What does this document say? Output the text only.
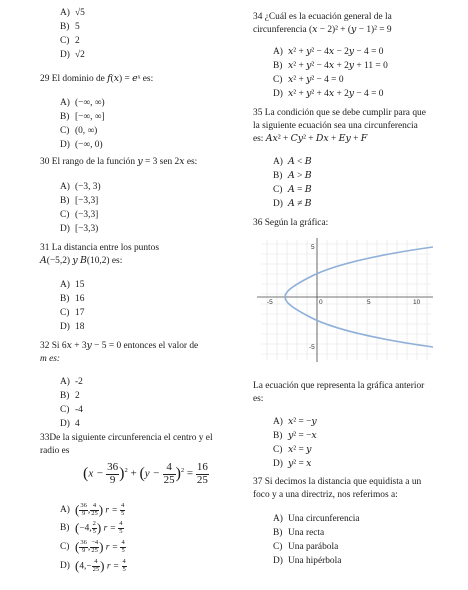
A) √5
B) 5
C) 2
D) √2
29 El dominio de 𝑓(𝑥) = 𝑒ˣ es:
A) (−∞, ∞)
B) [−∞, ∞]
C) (0, ∞)
D) (−∞, 0)
30 El rango de la función 𝑦 = 3 sen 2𝑥 es:
A) (−3, 3)
B) [−3,3]
C) (−3,3]
D) [−3,3)
31 La distancia entre los puntos
𝐴(−5,2) 𝑦 𝐵(10,2) es:
A) 15
B) 16
C) 17
D) 18
32 Si 6𝑥 + 3𝑦 − 5 = 0 entonces el valor de
m es:
A) -2
B) 2
C) -4
D) 4
33De la siguiente circunferencia el centro y el
radio es
$(x - \frac{36}{9} )^2 + (y - \frac{4}{25} )^2 = \frac{16}{25}$
A) ( $\frac{36}{9}$ , $\frac{4}{25}$ ) $r = \frac{4}{5}$
B) (−4, $\frac{2}{5}$ ) $r = \frac{4}{5}$
C) ( $\frac{36}{9}$ , $\frac{-4}{25}$ ) $r = \frac{4}{5}$
D) ($4,- \frac{4}{25}$ ) $r = \frac{4}{5}$
34 ¿Cuál es la ecuación general de la
circunferencia (𝑥 − 2)² + (𝑦 − 1)² = 9
A) 𝑥² + 𝑦² − 4𝑥 − 2𝑦 − 4 = 0
B) 𝑥² + 𝑦² − 4𝑥 + 2𝑦 + 11 = 0
C) 𝑥² + 𝑦² − 4 = 0
D) 𝑥² + 𝑦² + 4𝑥 + 2𝑦 − 4 = 0
35 La condición que se debe cumplir para que
la siguiente ecuación sea una circunferencia
es: 𝐴𝑥² + 𝐶𝑦² + 𝐷𝑥 + 𝐸𝑦 + 𝐹
A) 𝐴 < 𝐵
B) 𝐴 > 𝐵
C) 𝐴 = 𝐵
D) 𝐴 ≠ 𝐵
36 Según la gráfica:
-5	0	5	10
5
-5
La ecuación que representa la gráfica anterior
es:
A) 𝑥² = −𝑦
B) 𝑦² = −𝑥
C) 𝑥² = 𝑦
D) 𝑦² = 𝑥
37 Si decimos la distancia que equidista a un
foco y a una directriz, nos referimos a:
A) Una circunferencia
B) Una recta
C) Una parábola
D) Una hipérbola
